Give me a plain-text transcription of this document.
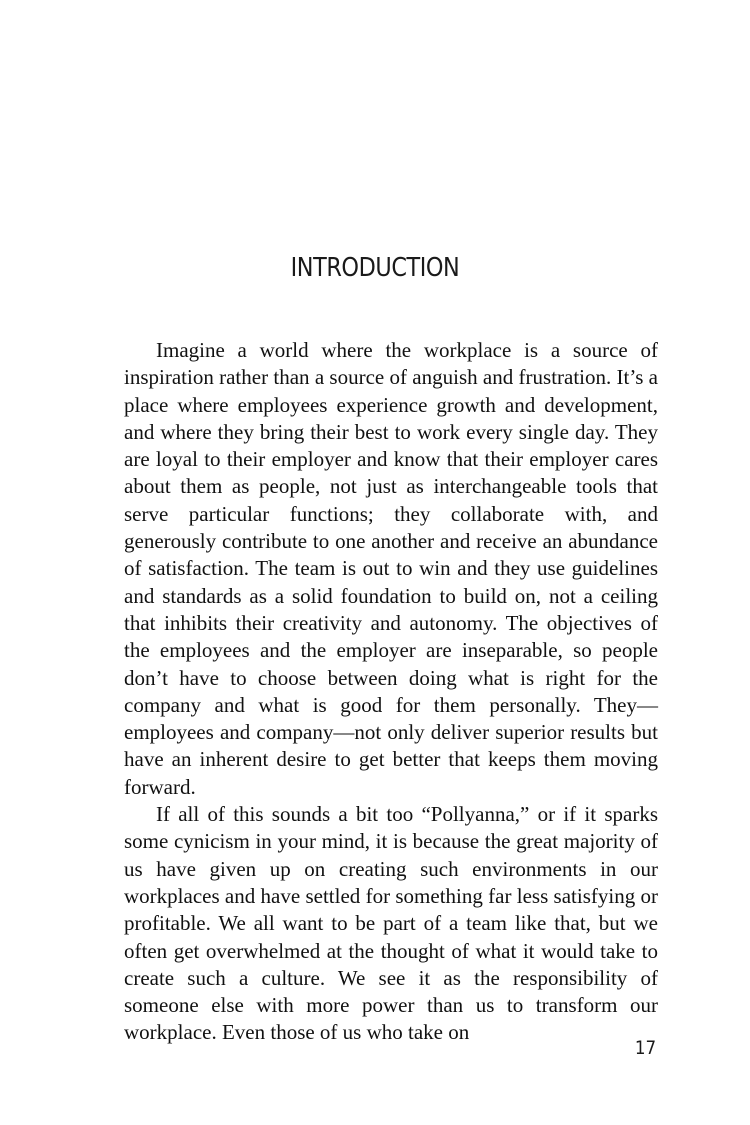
INTRODUCTION

Imagine a world where the workplace is a source of inspiration rather than a source of anguish and frustration. It’s a place where employees experience growth and development, and where they bring their best to work every single day. They are loyal to their employer and know that their employer cares about them as people, not just as interchangeable tools that serve particular functions; they collaborate with, and generously contribute to one another and receive an abundance of satisfaction. The team is out to win and they use guidelines and standards as a solid foundation to build on, not a ceiling that inhibits their creativity and autonomy. The objectives of the employees and the employer are inseparable, so people don’t have to choose between doing what is right for the company and what is good for them personally. They—employees and company—not only deliver superior results but have an inherent desire to get better that keeps them moving forward.

If all of this sounds a bit too “Pollyanna,” or if it sparks some cynicism in your mind, it is because the great majority of us have given up on creating such environments in our workplaces and have settled for something far less satisfying or profitable. We all want to be part of a team like that, but we often get overwhelmed at the thought of what it would take to create such a culture. We see it as the responsibility of someone else with more power than us to transform our workplace. Even those of us who take on

17
